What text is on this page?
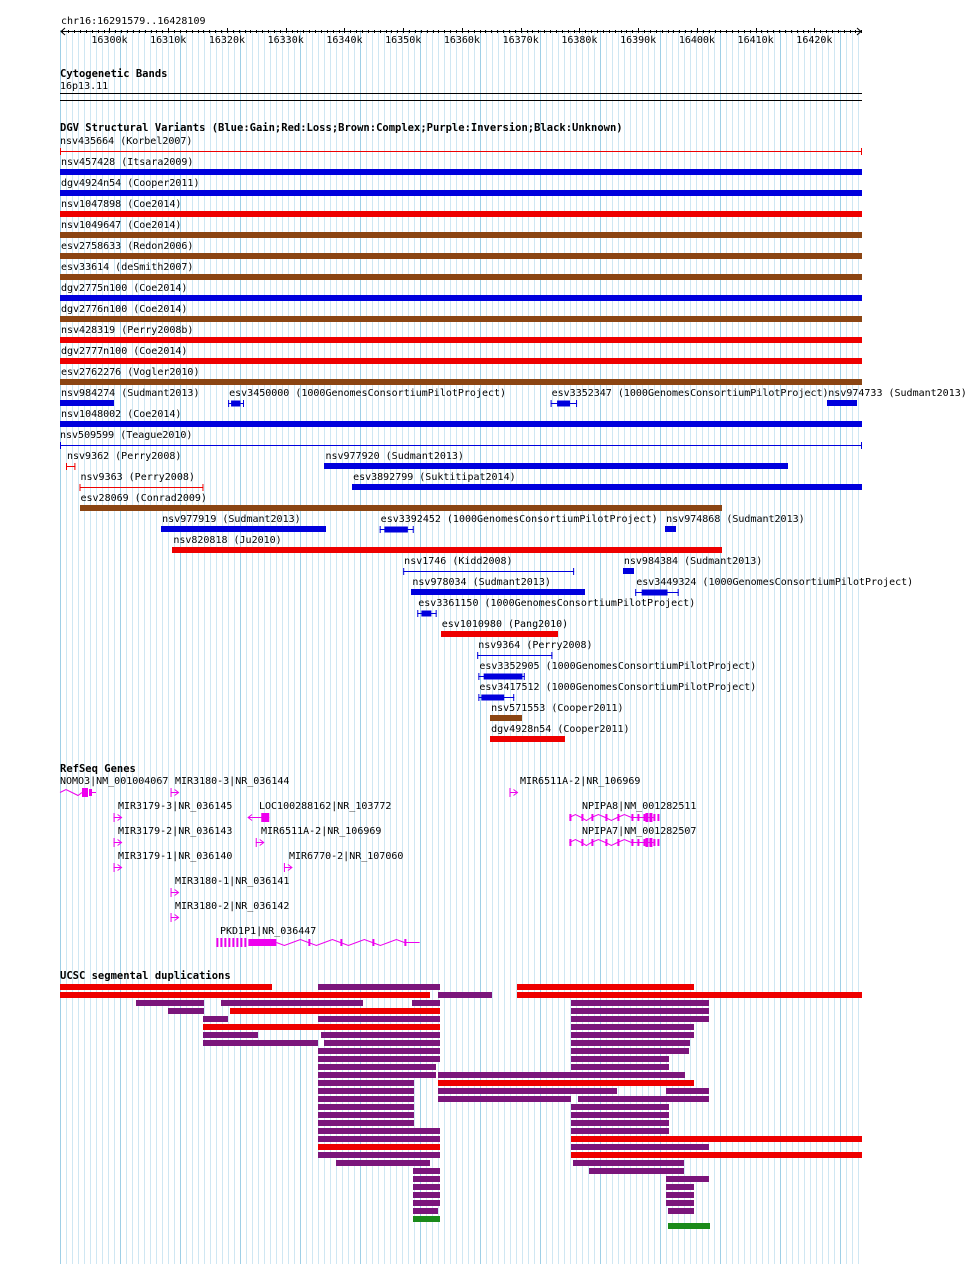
chr16:16291579..16428109
16300k 16310k 16320k 16330k 16340k 16350k 16360k 16370k 16380k 16390k 16400k 16410k 16420k
Cytogenetic Bands
16p13.11
DGV Structural Variants (Blue:Gain;Red:Loss;Brown:Complex;Purple:Inversion;Black:Unknown)
nsv435664 (Korbel2007)
nsv457428 (Itsara2009)
dgv4924n54 (Cooper2011)
nsv1047898 (Coe2014)
nsv1049647 (Coe2014)
esv2758633 (Redon2006)
esv33614 (deSmith2007)
dgv2775n100 (Coe2014)
dgv2776n100 (Coe2014)
nsv428319 (Perry2008b)
dgv2777n100 (Coe2014)
esv2762276 (Vogler2010)
nsv984274 (Sudmant2013)	esv3450000 (1000GenomesConsortiumPilotProject)	esv3352347 (1000GenomesConsortiumPilotProject) nsv974733 (Sudmant2013)
nsv1048002 (Coe2014)
nsv509599 (Teague2010)
nsv9362 (Perry2008)	nsv977920 (Sudmant2013)
nsv9363 (Perry2008)	esv3892799 (Suktitipat2014)
esv28069 (Conrad2009)
nsv977919 (Sudmant2013)	esv3392452 (1000GenomesConsortiumPilotProject) nsv974868 (Sudmant2013)
nsv820818 (Ju2010)
nsv1746 (Kidd2008)	nsv984384 (Sudmant2013)
nsv978034 (Sudmant2013)	esv3449324 (1000GenomesConsortiumPilotProject)
esv3361150 (1000GenomesConsortiumPilotProject)
esv1010980 (Pang2010)
nsv9364 (Perry2008)
esv3352905 (1000GenomesConsortiumPilotProject)
esv3417512 (1000GenomesConsortiumPilotProject)
nsv571553 (Cooper2011)
dgv4928n54 (Cooper2011)
RefSeq Genes
NOMO3|NM_001004067 MIR3180-3|NR_036144	MIR6511A-2|NR_106969
MIR3179-3|NR_036145	LOC100288162|NR_103772	NPIPA8|NM_001282511
MIR3179-2|NR_036143	MIR6511A-2|NR_106969	NPIPA7|NM_001282507
MIR3179-1|NR_036140	MIR6770-2|NR_107060
MIR3180-1|NR_036141
MIR3180-2|NR_036142
PKD1P1|NR_036447
UCSC segmental duplications
